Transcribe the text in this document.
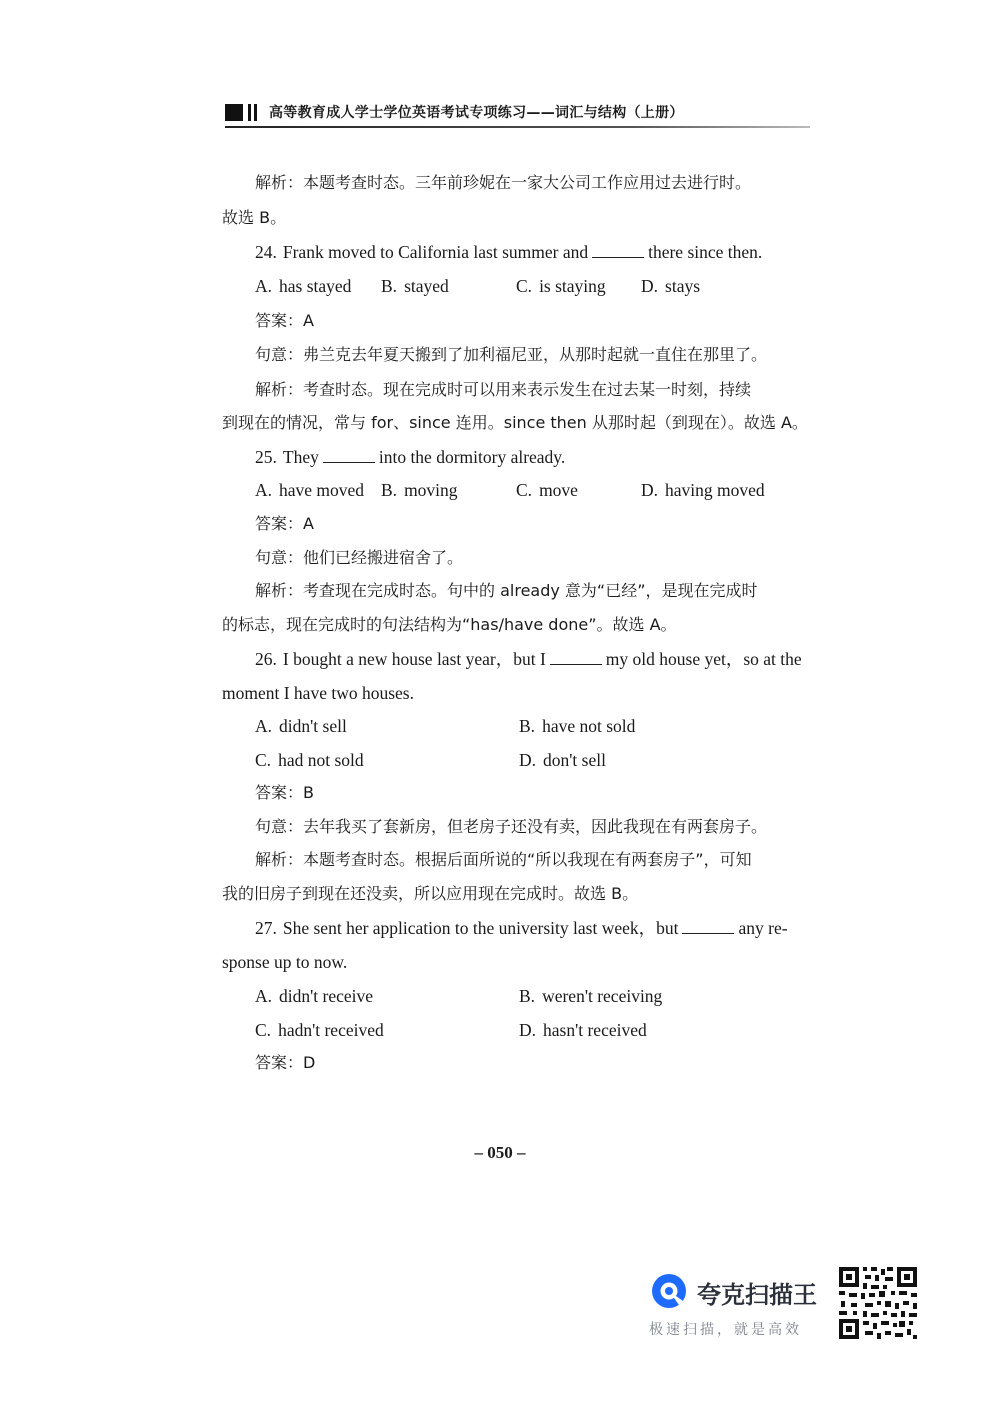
高等教育成人学士学位英语考试专项练习——词汇与结构（上册）
解析：本题考查时态。三年前珍妮在一家大公司工作应用过去进行时。
故选 B。
24. Frank moved to California last summer and	there since then.
A. has stayed B. stayed	C. is staying D. stays
答案：A
句意：弗兰克去年夏天搬到了加利福尼亚，从那时起就一直住在那里了。
解析：考查时态。现在完成时可以用来表示发生在过去某一时刻，持续
到现在的情况，常与 for、since 连用。since then 从那时起（到现在）。故选 A。
25. They	into the dormitory already.
A. have moved B. moving	C. move	D. having moved
答案：A
句意：他们已经搬进宿舍了。
解析：考查现在完成时态。句中的 already 意为“已经”，是现在完成时
的标志，现在完成时的句法结构为“has/have done”。故选 A。
26. I bought a new house last year，but I	my old house yet，so at the
moment I have two houses.
A. didn't sell	B. have not sold
C. had not sold	D. don't sell
答案：B
句意：去年我买了套新房，但老房子还没有卖，因此我现在有两套房子。
解析：本题考查时态。根据后面所说的“所以我现在有两套房子”，可知
我的旧房子到现在还没卖，所以应用现在完成时。故选 B。
27. She sent her application to the university last week，but	any re-
sponse up to now.
A. didn't receive	B. weren't receiving
C. hadn't received	D. hasn't received
答案：D
– 050 –
夸克扫描王
极速扫描，就是高效
